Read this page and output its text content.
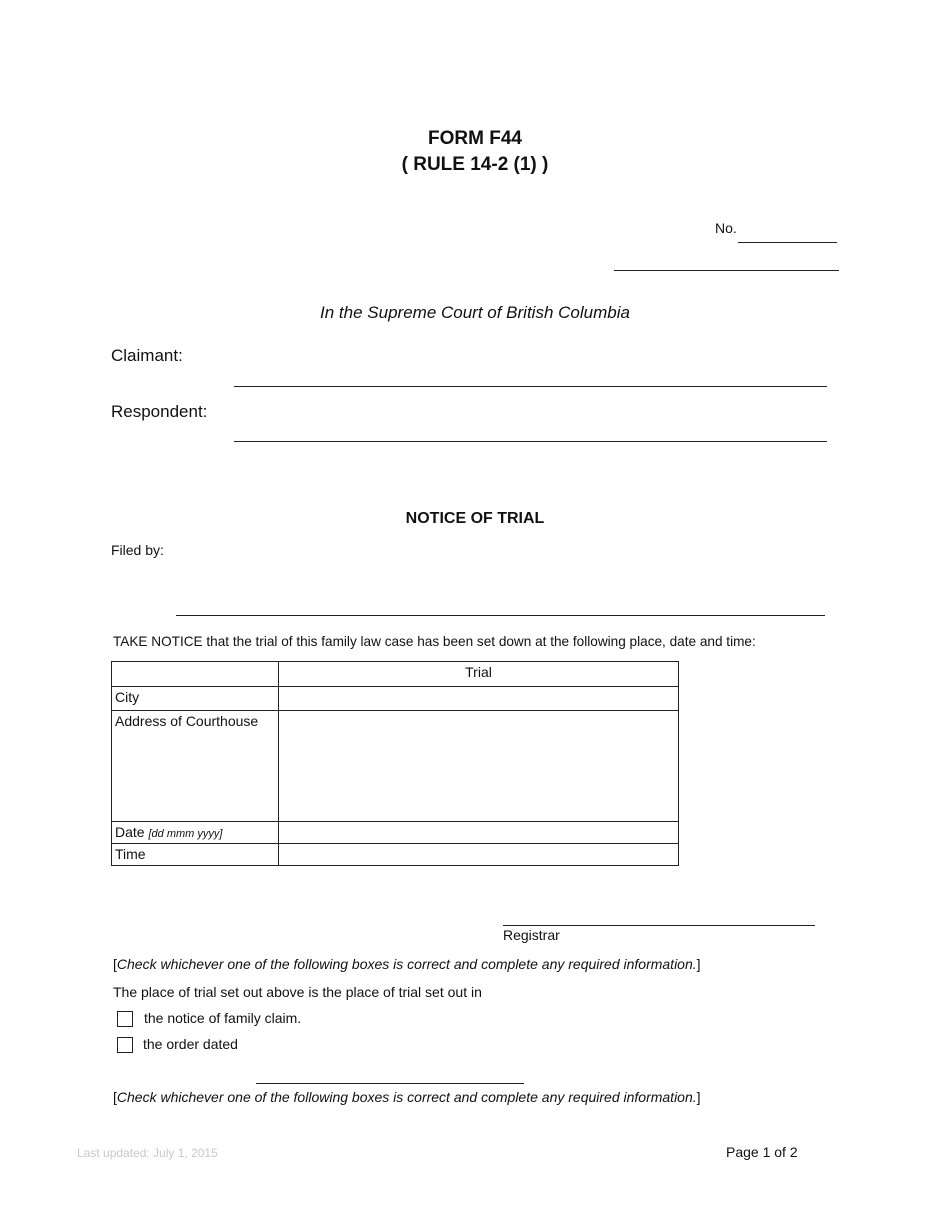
FORM F44
( RULE 14-2 (1) )
No.
In the Supreme Court of British Columbia
Claimant:
Respondent:
NOTICE OF TRIAL
Filed by:
TAKE NOTICE that the trial of this family law case has been set down at the following place, date and time:
	Trial
City	
Address of Courthouse	
Date [dd mmm yyyy]	
Time	
Registrar
[Check whichever one of the following boxes is correct and complete any required information.]
The place of trial set out above is the place of trial set out in
the notice of family claim.
the order dated
[Check whichever one of the following boxes is correct and complete any required information.]
Last updated: July 1, 2015	Page 1 of 2
